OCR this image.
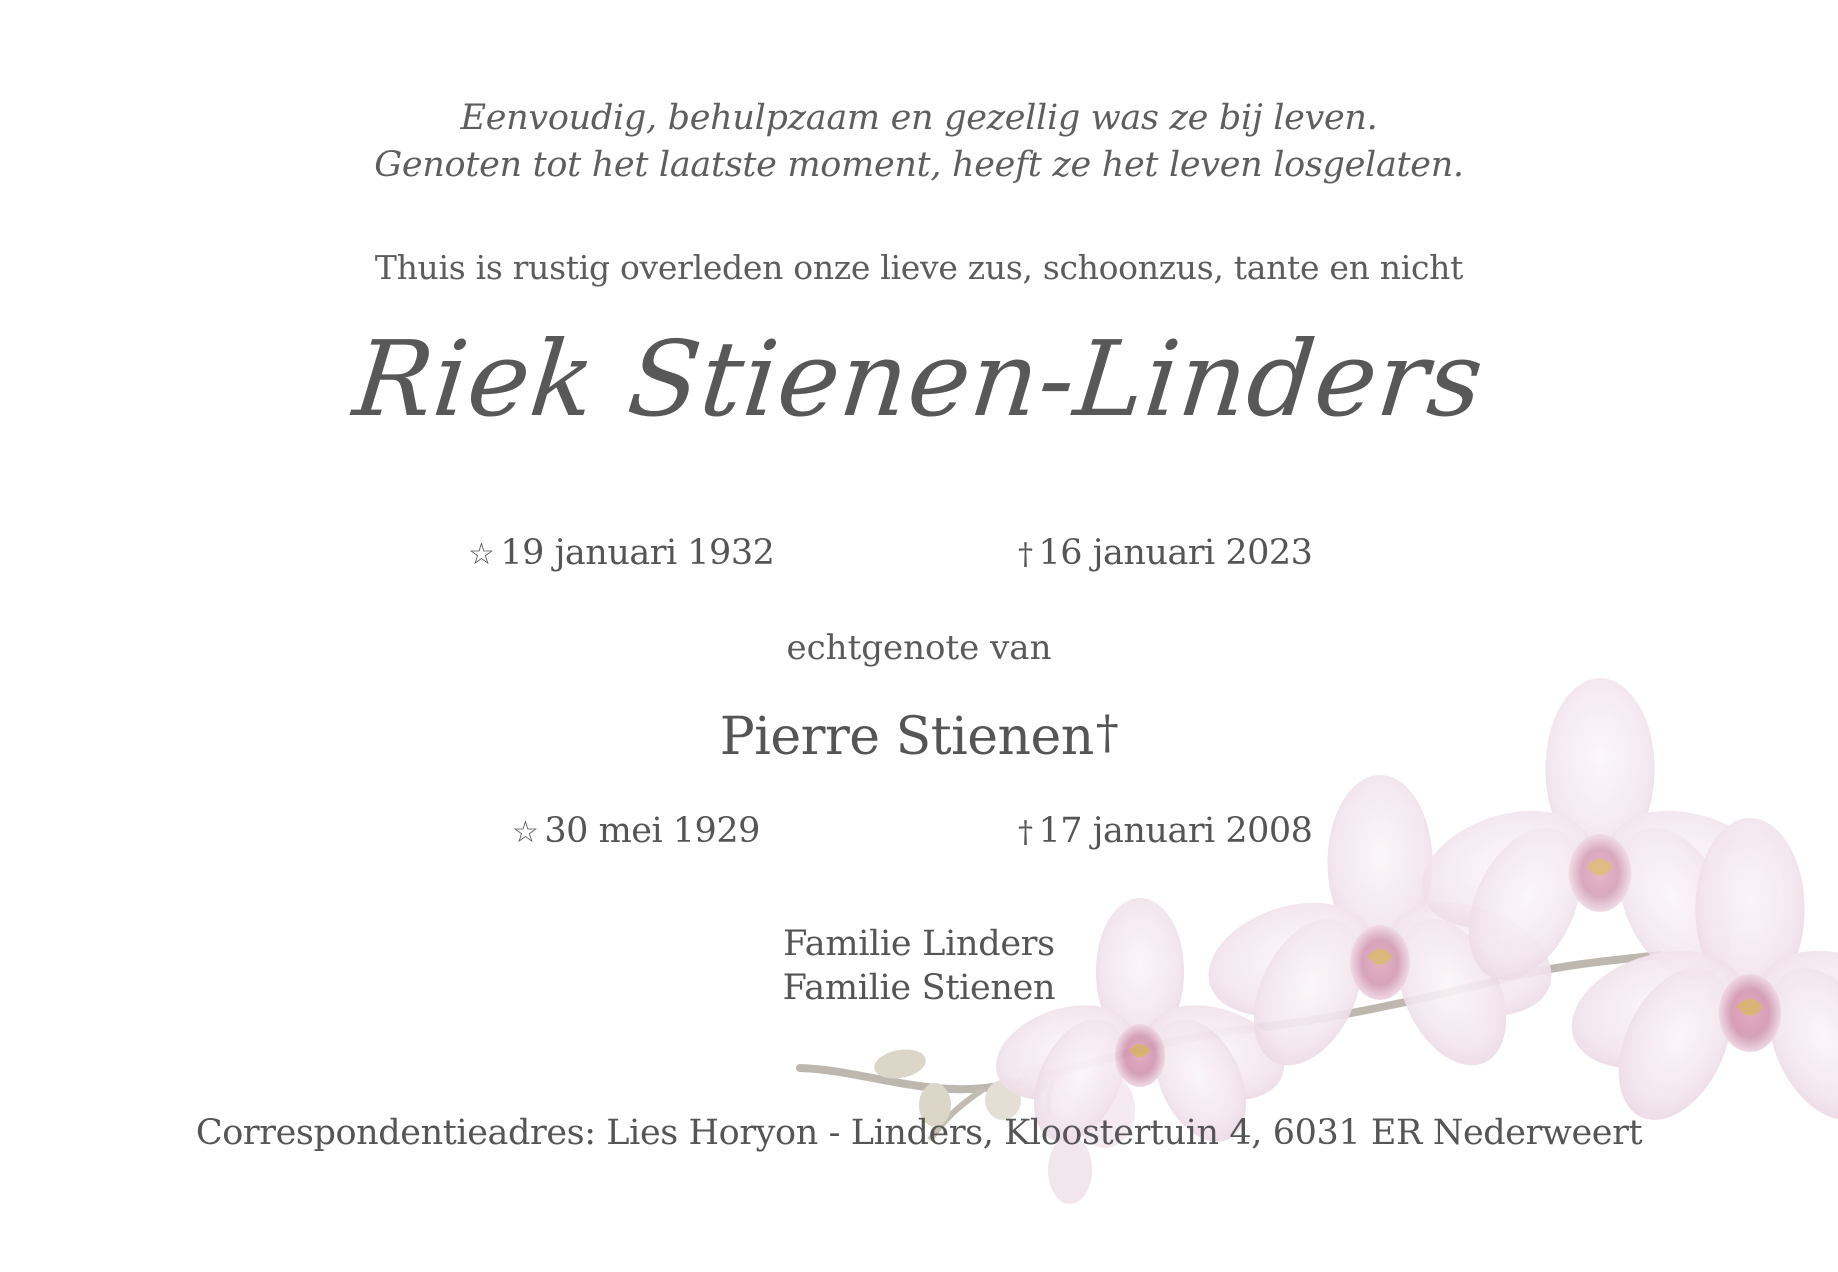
Eenvoudig, behulpzaam en gezellig was ze bij leven.
Genoten tot het laatste moment, heeft ze het leven losgelaten.
Thuis is rustig overleden onze lieve zus, schoonzus, tante en nicht
Riek Stienen-Linders
☆ 19 januari 1932	† 16 januari 2023
echtgenote van
Pierre Stienen†
☆ 30 mei 1929	† 17 januari 2008
Familie Linders
Familie Stienen
Correspondentieadres: Lies Horyon - Linders, Kloostertuin 4, 6031 ER Nederweert
